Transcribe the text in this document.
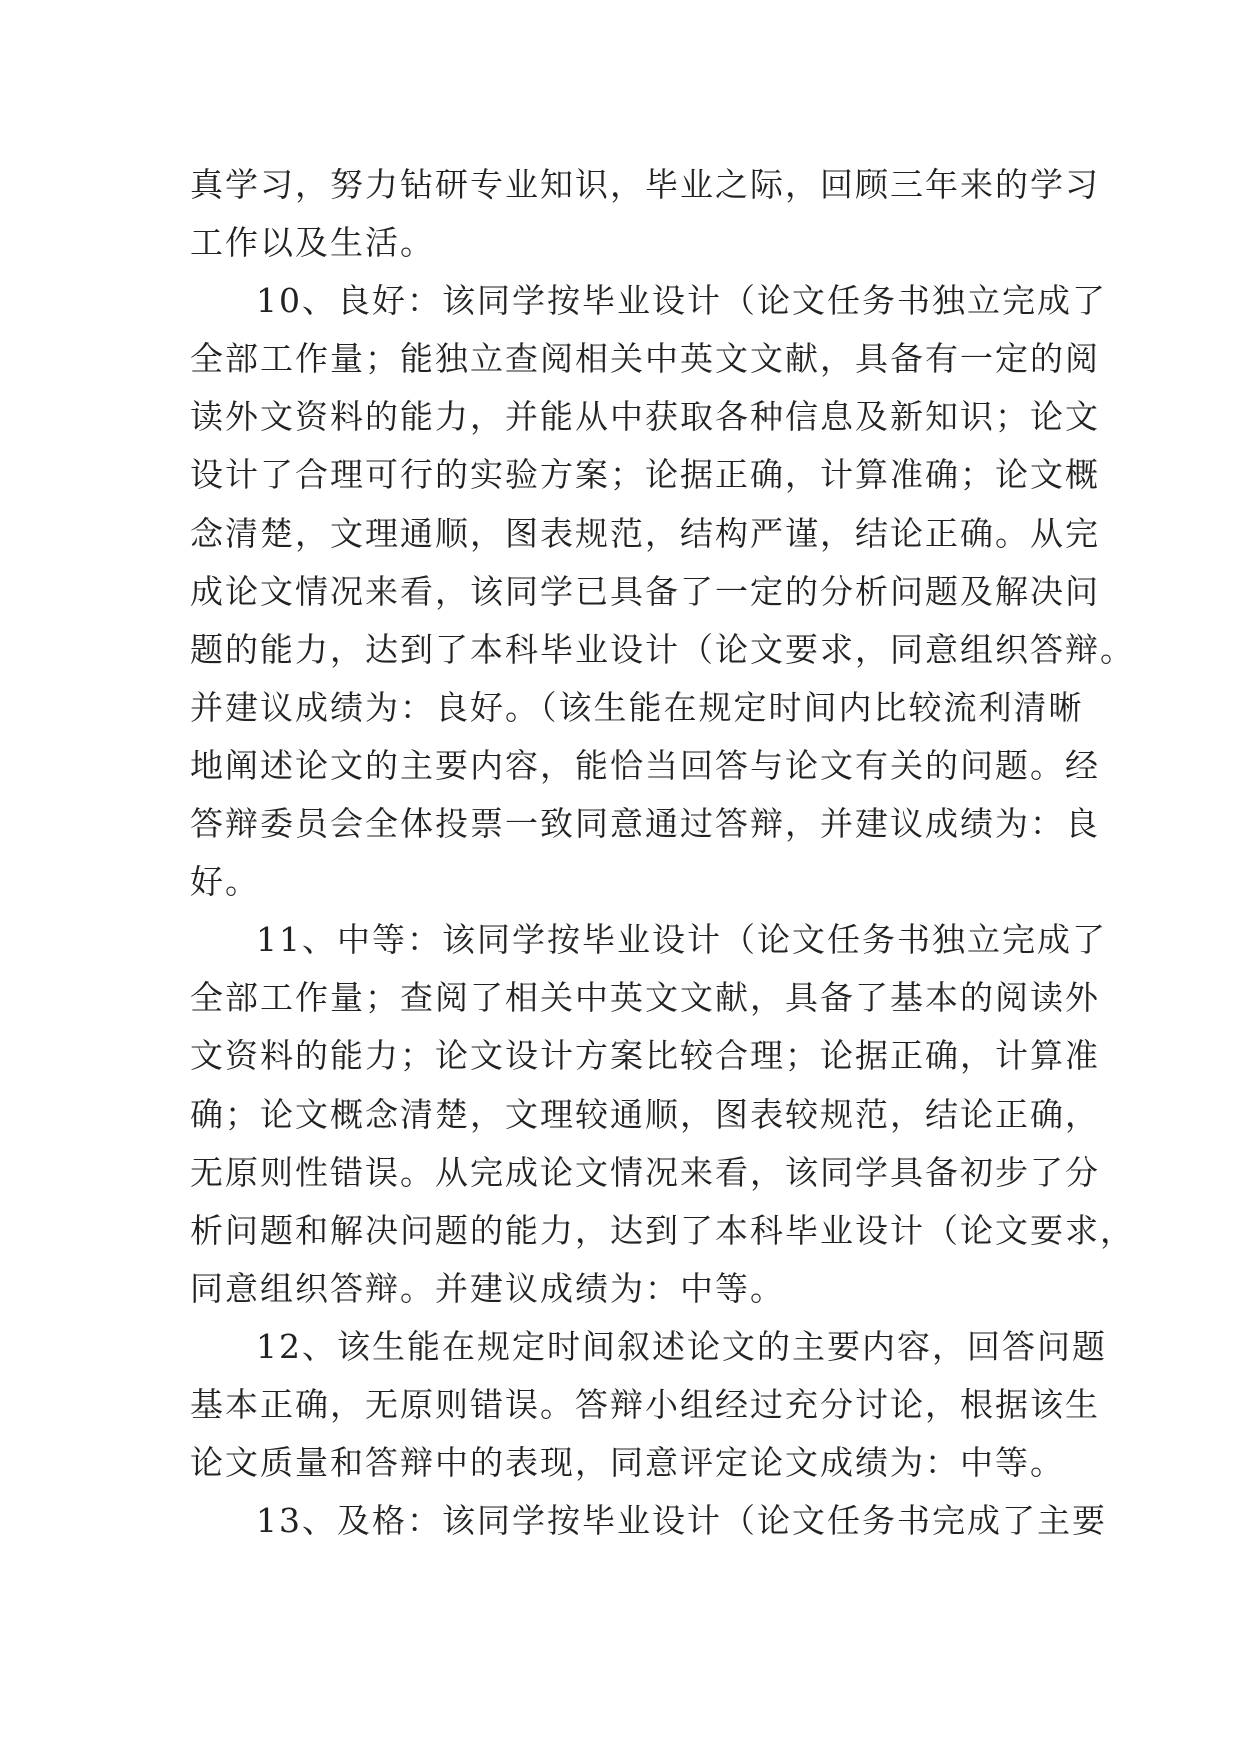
真学习，努力钻研专业知识，毕业之际，回顾三年来的学习
工作以及生活。
10、良好：该同学按毕业设计（论文任务书独立完成了
全部工作量；能独立查阅相关中英文文献，具备有一定的阅
读外文资料的能力，并能从中获取各种信息及新知识；论文
设计了合理可行的实验方案；论据正确，计算准确；论文概
念清楚，文理通顺，图表规范，结构严谨，结论正确。从完
成论文情况来看，该同学已具备了一定的分析问题及解决问
题的能力，达到了本科毕业设计（论文要求，同意组织答辩。
并建议成绩为：良好。（该生能在规定时间内比较流利清晰
地阐述论文的主要内容，能恰当回答与论文有关的问题。经
答辩委员会全体投票一致同意通过答辩，并建议成绩为：良
好。
11、中等：该同学按毕业设计（论文任务书独立完成了
全部工作量；查阅了相关中英文文献，具备了基本的阅读外
文资料的能力；论文设计方案比较合理；论据正确，计算准
确；论文概念清楚，文理较通顺，图表较规范，结论正确，
无原则性错误。从完成论文情况来看，该同学具备初步了分
析问题和解决问题的能力，达到了本科毕业设计（论文要求，
同意组织答辩。并建议成绩为：中等。
12、该生能在规定时间叙述论文的主要内容，回答问题
基本正确，无原则错误。答辩小组经过充分讨论，根据该生
论文质量和答辩中的表现，同意评定论文成绩为：中等。
13、及格：该同学按毕业设计（论文任务书完成了主要
